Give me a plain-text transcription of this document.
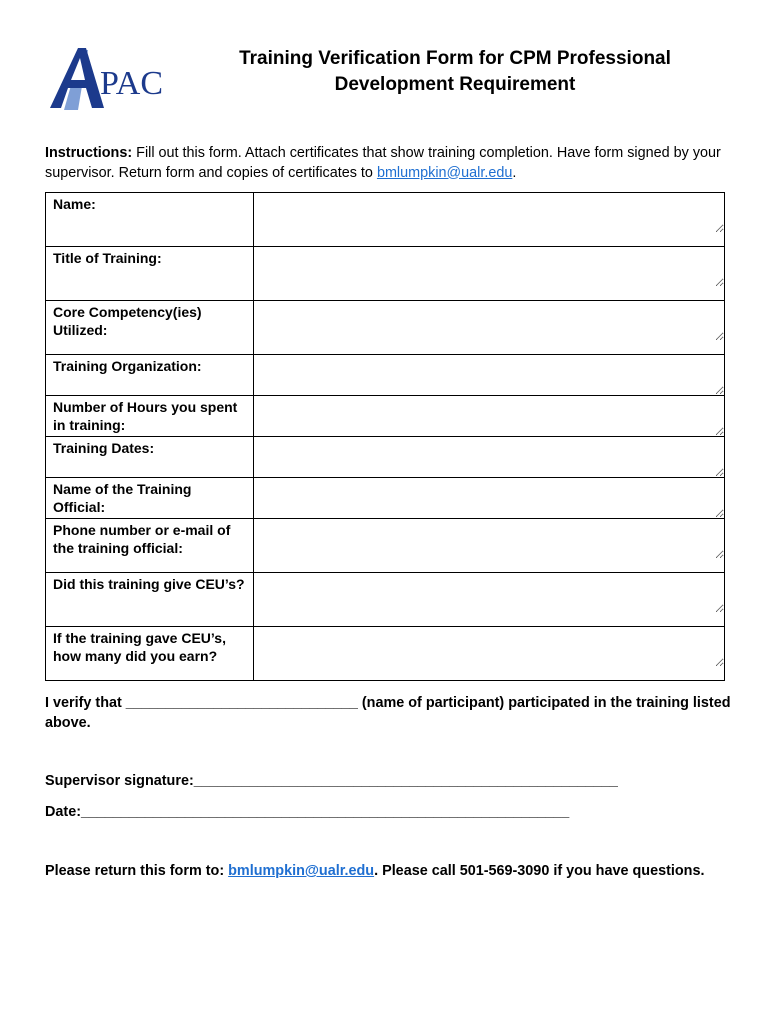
PAC
Training Verification Form for CPM Professional
Development Requirement
Instructions: Fill out this form. Attach certificates that show training completion. Have form signed by your supervisor. Return form and copies of certificates to bmlumpkin@ualr.edu.
Name:	

Title of Training:	

Core Competency(ies) Utilized:	

Training Organization:	

Number of Hours you spent in training:	

Training Dates:	

Name of the Training Official:	

Phone number or e-mail of the training official:	

Did this training give CEU’s?	

If the training gave CEU’s, how many did you earn?	
I verify that _____________________________ (name of participant) participated in the training listed above.
Supervisor signature:_____________________________________________________
Date:_____________________________________________________________
Please return this form to: bmlumpkin@ualr.edu. Please call 501-569-3090 if you have questions.
